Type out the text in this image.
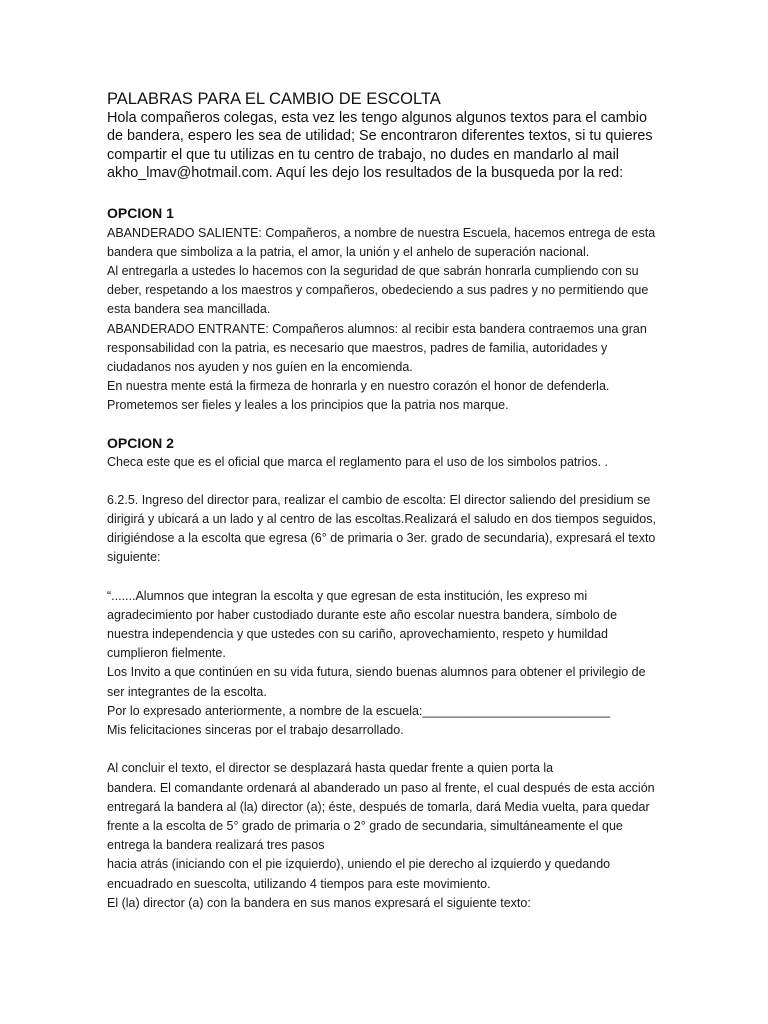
PALABRAS PARA EL CAMBIO DE ESCOLTA
Hola compañeros colegas, esta vez les tengo algunos algunos textos para el cambio
de bandera, espero les sea de utilidad; Se encontraron diferentes textos, si tu quieres
compartir el que tu utilizas en tu centro de trabajo, no dudes en mandarlo al mail
akho_lmav@hotmail.com. Aquí les dejo los resultados de la busqueda por la red:
OPCION 1
ABANDERADO SALIENTE: Compañeros, a nombre de nuestra Escuela, hacemos entrega de esta
bandera que simboliza a la patria, el amor, la unión y el anhelo de superación nacional.
Al entregarla a ustedes lo hacemos con la seguridad de que sabrán honrarla cumpliendo con su
deber, respetando a los maestros y compañeros, obedeciendo a sus padres y no permitiendo que
esta bandera sea mancillada.
ABANDERADO ENTRANTE: Compañeros alumnos: al recibir esta bandera contraemos una gran
responsabilidad con la patria, es necesario que maestros, padres de familia, autoridades y
ciudadanos nos ayuden y nos guíen en la encomienda.
En nuestra mente está la firmeza de honrarla y en nuestro corazón el honor de defenderla.
Prometemos ser fieles y leales a los principios que la patria nos marque.
OPCION 2
Checa este que es el oficial que marca el reglamento para el uso de los simbolos patrios. .
6.2.5. Ingreso del director para, realizar el cambio de escolta: El director saliendo del presidium se
dirigirá y ubicará a un lado y al centro de las escoltas.Realizará el saludo en dos tiempos seguidos,
dirigiéndose a la escolta que egresa (6° de primaria o 3er. grado de secundaria), expresará el texto
siguiente:
“.......Alumnos que integran la escolta y que egresan de esta institución, les expreso mi
agradecimiento por haber custodiado durante este año escolar nuestra bandera, símbolo de
nuestra independencia y que ustedes con su cariño, aprovechamiento, respeto y humildad
cumplieron fielmente.
Los Invito a que continúen en su vida futura, siendo buenas alumnos para obtener el privilegio de
ser integrantes de la escolta.
Por lo expresado anteriormente, a nombre de la escuela:___________________________
Mis felicitaciones sinceras por el trabajo desarrollado.
Al concluir el texto, el director se desplazará hasta quedar frente a quien porta la
bandera. El comandante ordenará al abanderado un paso al frente, el cual después de esta acción
entregará la bandera al (la) director (a); éste, después de tomarla, dará Media vuelta, para quedar
frente a la escolta de 5° grado de primaria o 2° grado de secundaria, simultáneamente el que
entrega la bandera realizará tres pasos
hacia atrás (iniciando con el pie izquierdo), uniendo el pie derecho al izquierdo y quedando
encuadrado en suescolta, utilizando 4 tiempos para este movimiento.
El (la) director (a) con la bandera en sus manos expresará el siguiente texto:
